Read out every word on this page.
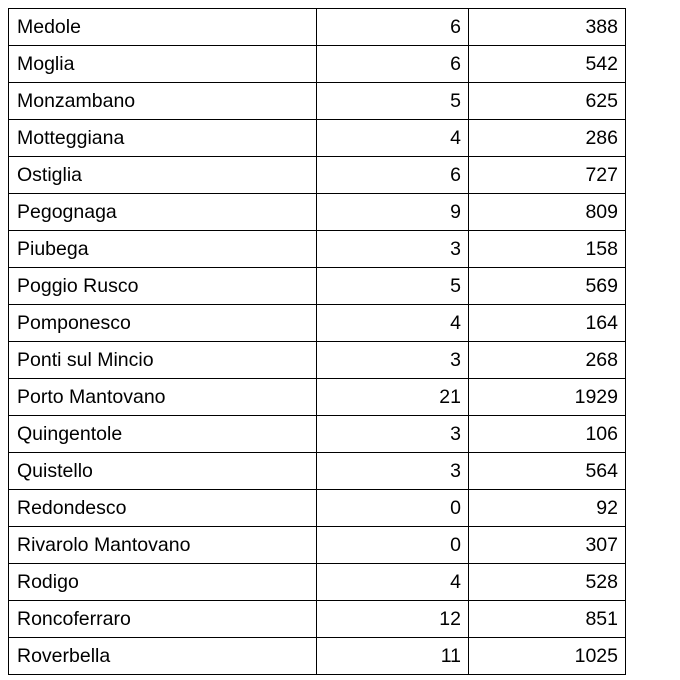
Medole	6	388
Moglia	6	542
Monzambano	5	625
Motteggiana	4	286
Ostiglia	6	727
Pegognaga	9	809
Piubega	3	158
Poggio Rusco	5	569
Pomponesco	4	164
Ponti sul Mincio	3	268
Porto Mantovano	21	1929
Quingentole	3	106
Quistello	3	564
Redondesco	0	92
Rivarolo Mantovano	0	307
Rodigo	4	528
Roncoferraro	12	851
Roverbella	11	1025
